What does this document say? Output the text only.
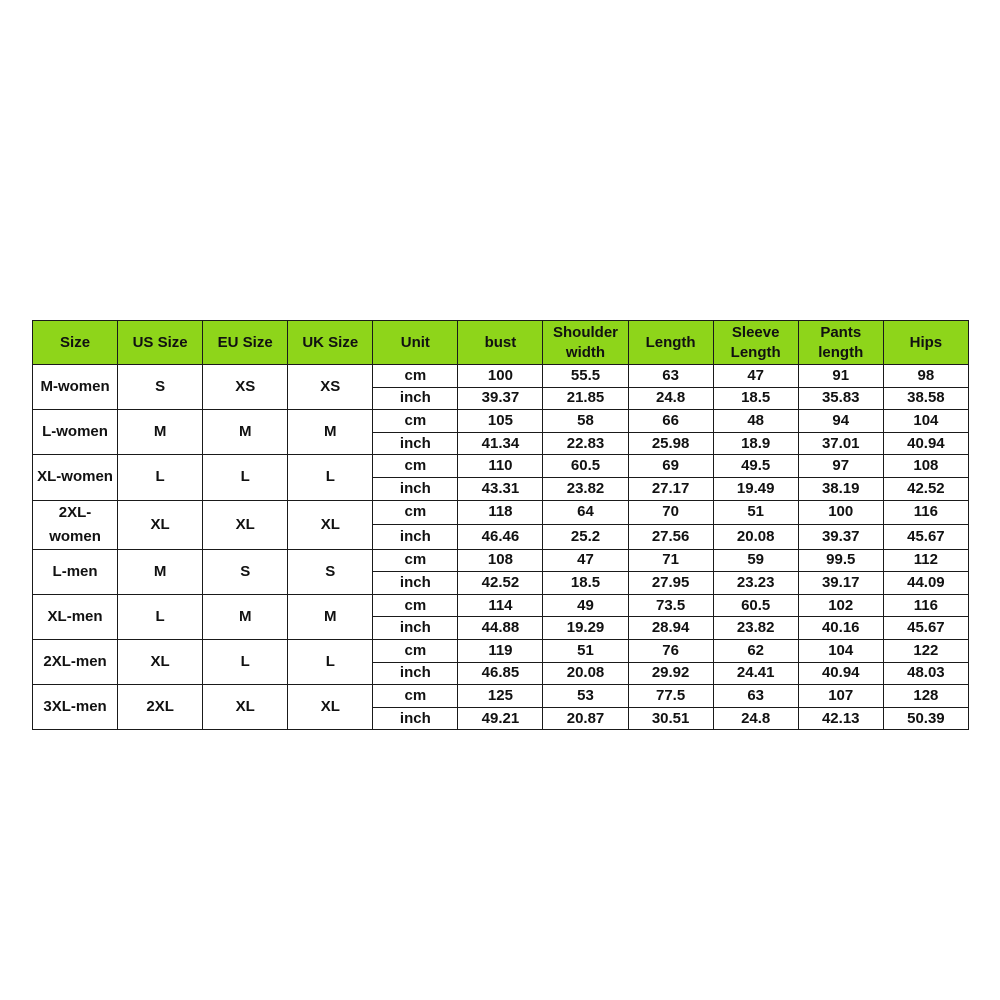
Size	US Size	EU Size	UK Size	Unit	bust	Shoulder width	Length	Sleeve Length	Pants length	Hips
M-women	S	XS	XS	cm	100	55.5	63	47	91	98
				inch	39.37	21.85	24.8	18.5	35.83	38.58
L-women	M	M	M	cm	105	58	66	48	94	104
				inch	41.34	22.83	25.98	18.9	37.01	40.94
XL-women	L	L	L	cm	110	60.5	69	49.5	97	108
				inch	43.31	23.82	27.17	19.49	38.19	42.52
2XL-women	XL	XL	XL	cm	118	64	70	51	100	116
				inch	46.46	25.2	27.56	20.08	39.37	45.67
L-men	M	S	S	cm	108	47	71	59	99.5	112
				inch	42.52	18.5	27.95	23.23	39.17	44.09
XL-men	L	M	M	cm	114	49	73.5	60.5	102	116
				inch	44.88	19.29	28.94	23.82	40.16	45.67
2XL-men	XL	L	L	cm	119	51	76	62	104	122
				inch	46.85	20.08	29.92	24.41	40.94	48.03
3XL-men	2XL	XL	XL	cm	125	53	77.5	63	107	128
				inch	49.21	20.87	30.51	24.8	42.13	50.39
